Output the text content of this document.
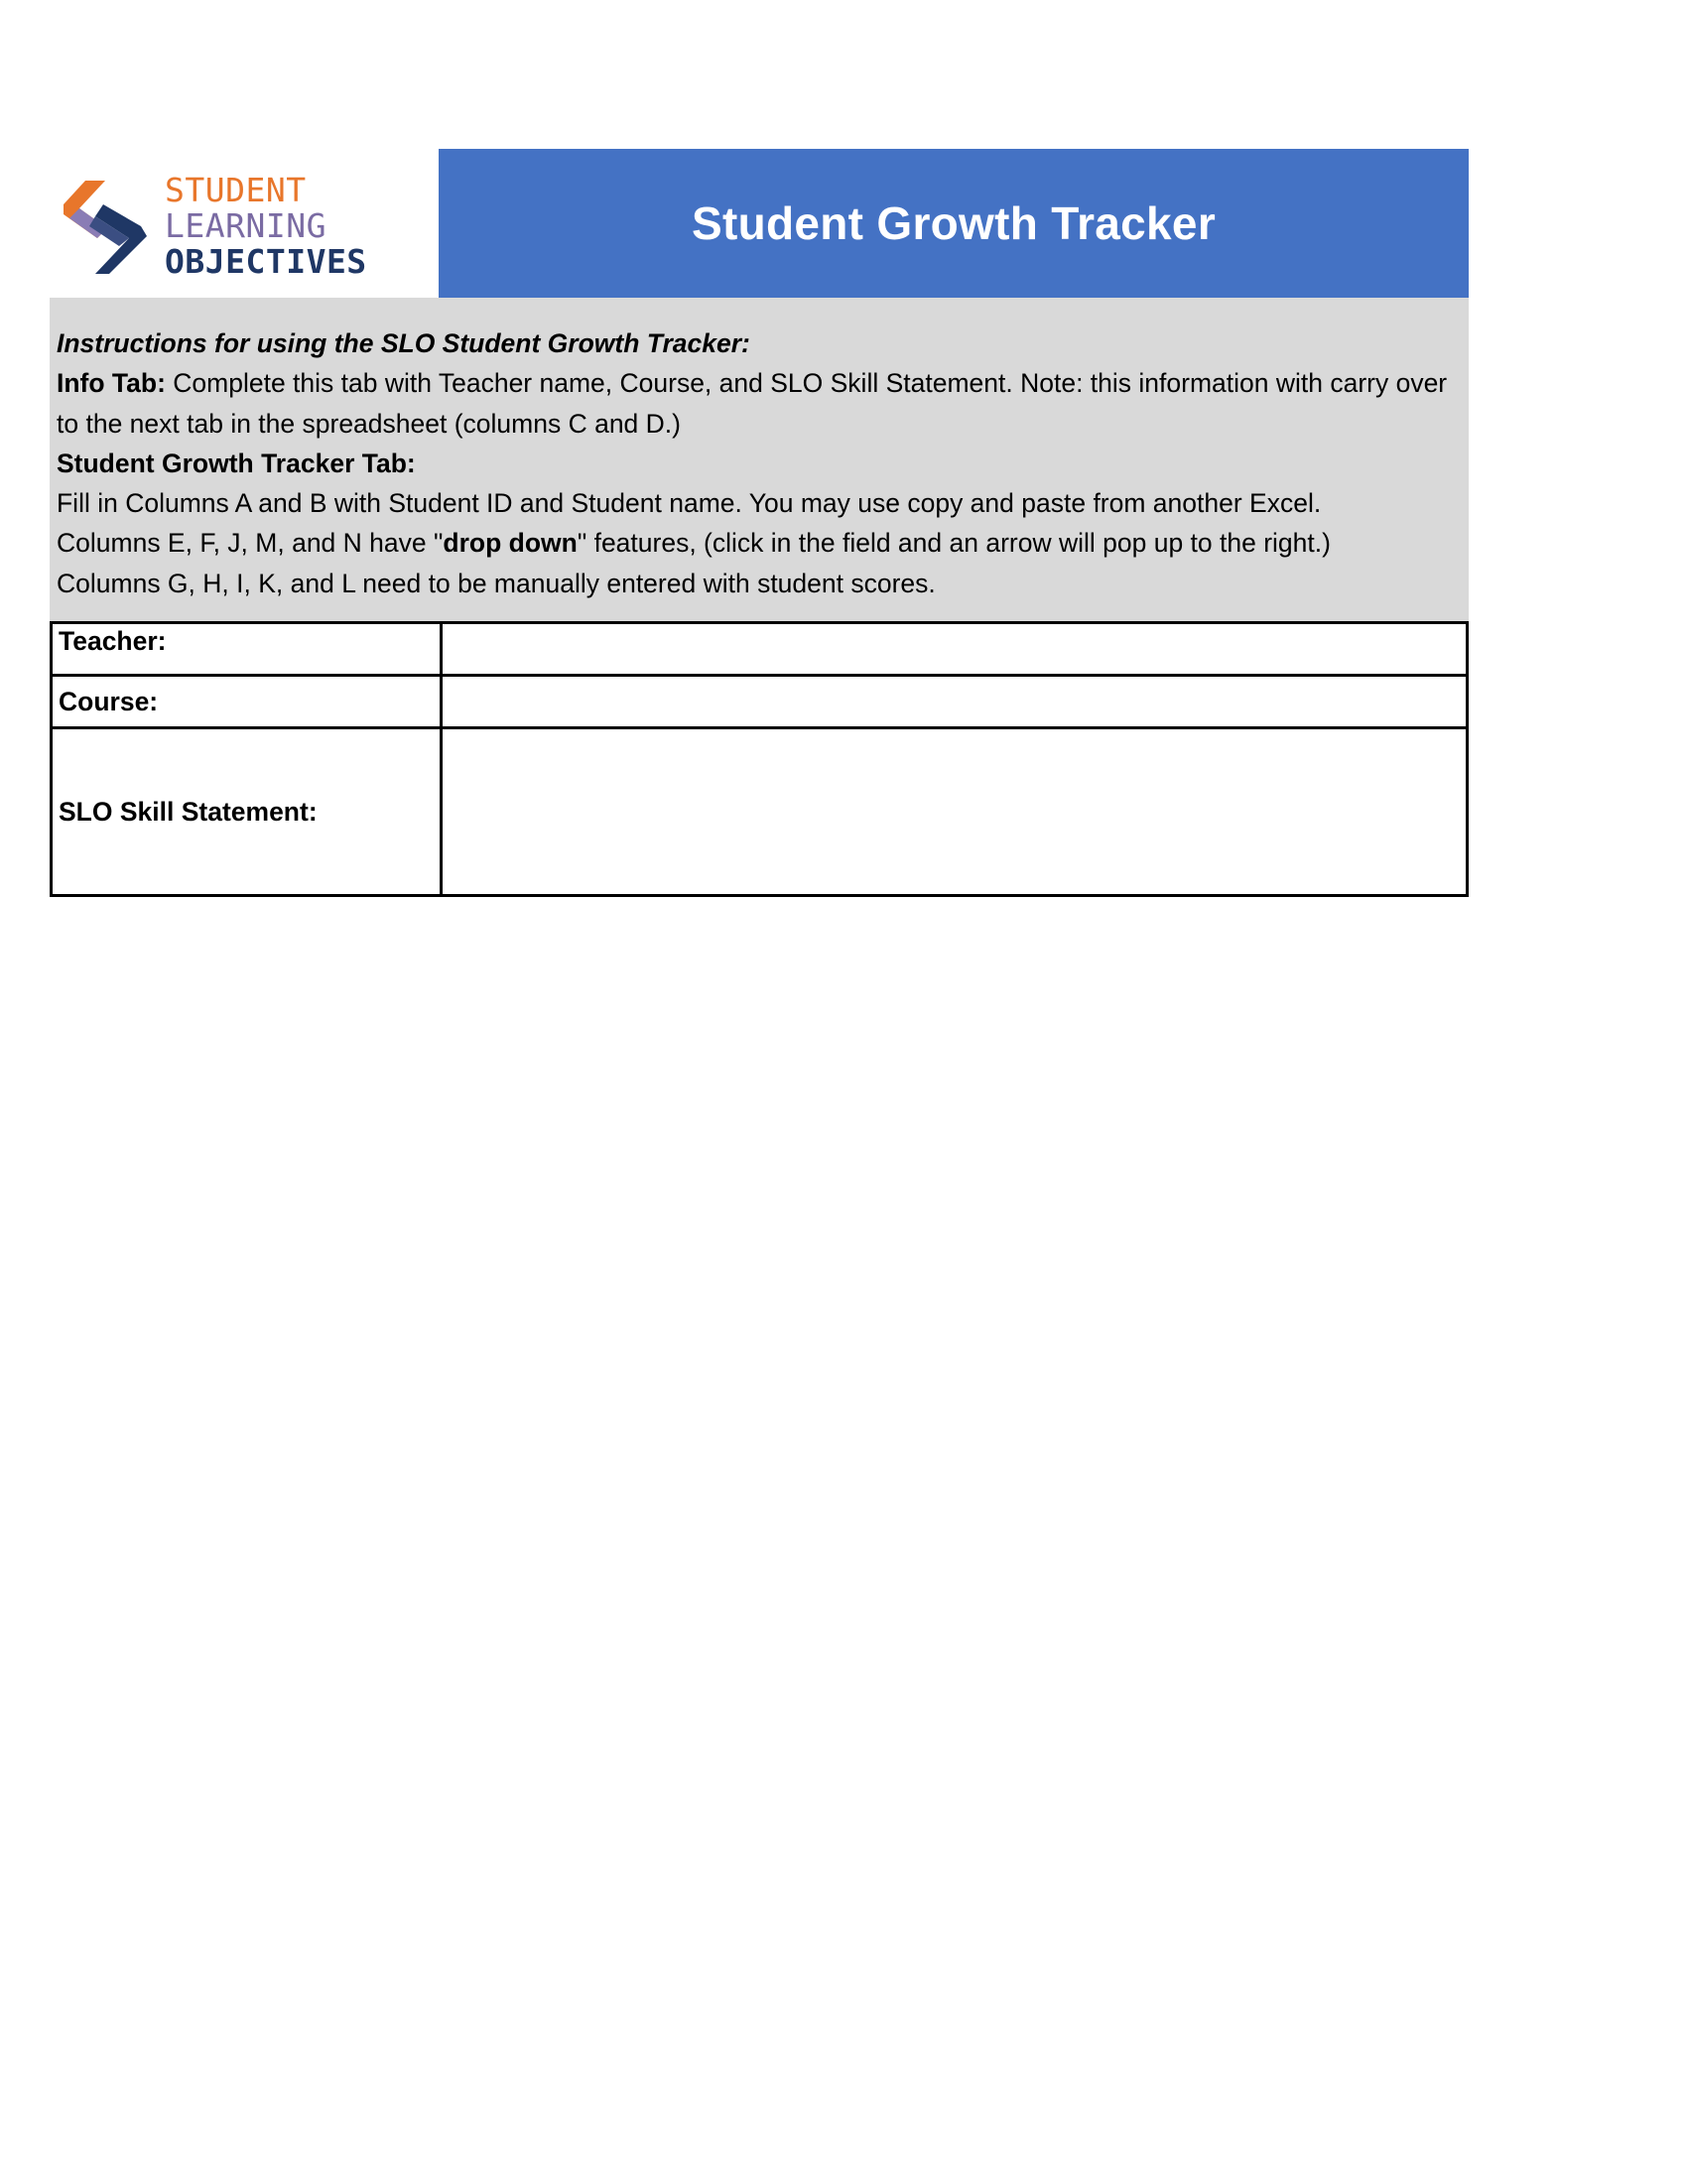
STUDENT
LEARNING
OBJECTIVES
Student Growth Tracker

Instructions for using the SLO Student Growth Tracker:

Info Tab: Complete this tab with Teacher name, Course, and SLO Skill Statement. Note: this information with carry over to the next tab in the spreadsheet (columns C and D.)

Student Growth Tracker Tab:

Fill in Columns A and B with Student ID and Student name. You may use copy and paste from another Excel.

Columns E, F, J, M, and N have "drop down" features, (click in the field and an arrow will pop up to the right.)

Columns G, H, I, K, and L need to be manually entered with student scores.

Teacher:	
Course:	
SLO Skill Statement:	
